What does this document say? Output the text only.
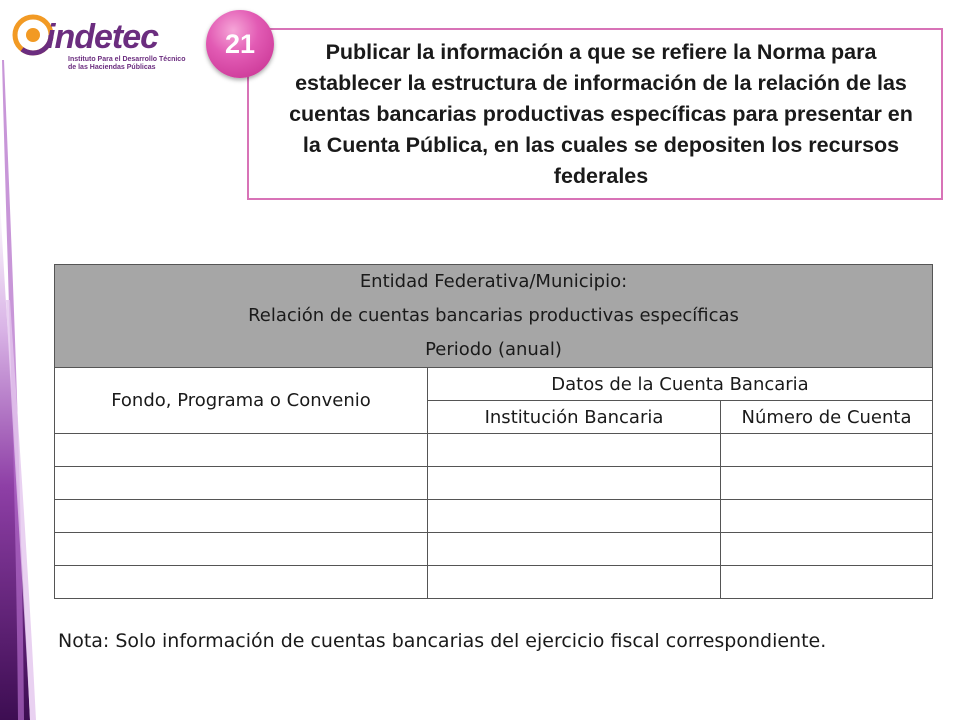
indetec
Instituto Para el Desarrollo Técnico
de las Haciendas Públicas
Publicar la información a que se refiere la Norma para establecer la estructura de información de la relación de las cuentas bancarias productivas específicas para presentar en la Cuenta Pública, en las cuales se depositen los recursos federales
21
Entidad Federativa/Municipio:
Relación de cuentas bancarias productivas específicas
Periodo (anual)		

Fondo, Programa o Convenio	Datos de la Cuenta Bancaria	
	Institución Bancaria	Número de Cuenta

Nota: Solo información de cuentas bancarias del ejercicio fiscal correspondiente.
